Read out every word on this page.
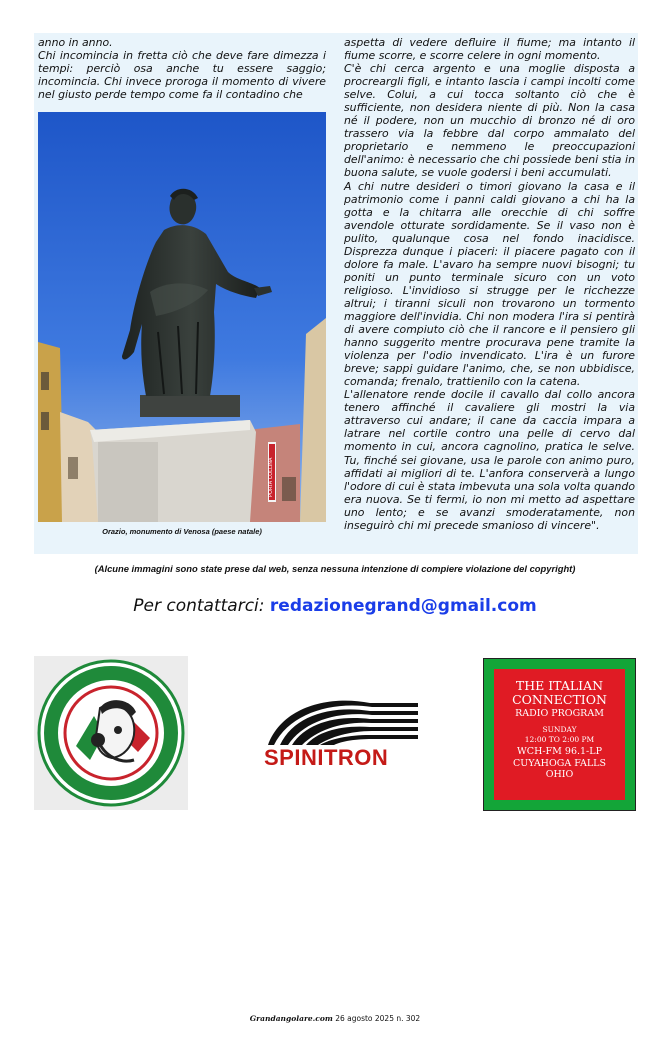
anno in anno.

Chi incomincia in fretta ciò che deve fare dimezza i tempi: perciò osa anche tu essere saggio; incomincia. Chi invece proroga il momento di vivere nel giusto perde tempo come fa il contadino che

PORTA COLLINA
Orazio, monumento di Venosa (paese natale)

aspetta di vedere defluire il fiume; ma intanto il fiume scorre, e scorre celere in ogni momento.

C'è chi cerca argento e una moglie disposta a procreargli figli, e intanto lascia i campi incolti come selve. Colui, a cui tocca soltanto ciò che è sufficiente, non desidera niente di più. Non la casa né il podere, non un mucchio di bronzo né di oro trassero via la febbre dal corpo ammalato del proprietario e nemmeno le preoccupazioni dell'animo: è necessario che chi possiede beni stia in buona salute, se vuole godersi i beni accumulati.

A chi nutre desideri o timori giovano la casa e il patrimonio come i panni caldi giovano a chi ha la gotta e la chitarra alle orecchie di chi soffre avendole otturate sordidamente. Se il vaso non è pulito, qualunque cosa nel fondo inacidisce. Disprezza dunque i piaceri: il piacere pagato con il dolore fa male. L'avaro ha sempre nuovi bisogni; tu poniti un punto terminale sicuro con un voto religioso. L'invidioso si strugge per le ricchezze altrui; i tiranni siculi non trovarono un tormento maggiore dell'invidia. Chi non modera l'ira si pentirà di avere compiuto ciò che il rancore e il pensiero gli hanno suggerito mentre procurava pene tramite la violenza per l'odio invendicato. L'ira è un furore breve; sappi guidare l'animo, che, se non ubbidisce, comanda; frenalo, trattienilo con la catena.

L'allenatore rende docile il cavallo dal collo ancora tenero affinché il cavaliere gli mostri la via attraverso cui andare; il cane da caccia impara a latrare nel cortile contro una pelle di cervo dal momento in cui, ancora cagnolino, pratica le selve. Tu, finché sei giovane, usa le parole con animo puro, affidati ai migliori di te. L'anfora conserverà a lungo l'odore di cui è stata imbevuta una sola volta quando era nuova. Se ti fermi, io non mi metto ad aspettare uno lento; e se avanzi smoderatamente, non inseguirò chi mi precede smanioso di vincere".

(Alcune immagini sono state prese dal web, senza nessuna intenzione di compiere violazione del copyright)
Per contattarci: redazionegrand@gmail.com
SPINITRON
THE ITALIAN
CONNECTION
RADIO PROGRAM
SUNDAY
12:00 TO 2:00 PM
WCH-FM 96.1-LP
CUYAHOGA FALLS
OHIO
Grandangolare.com 26 agosto 2025 n. 302
